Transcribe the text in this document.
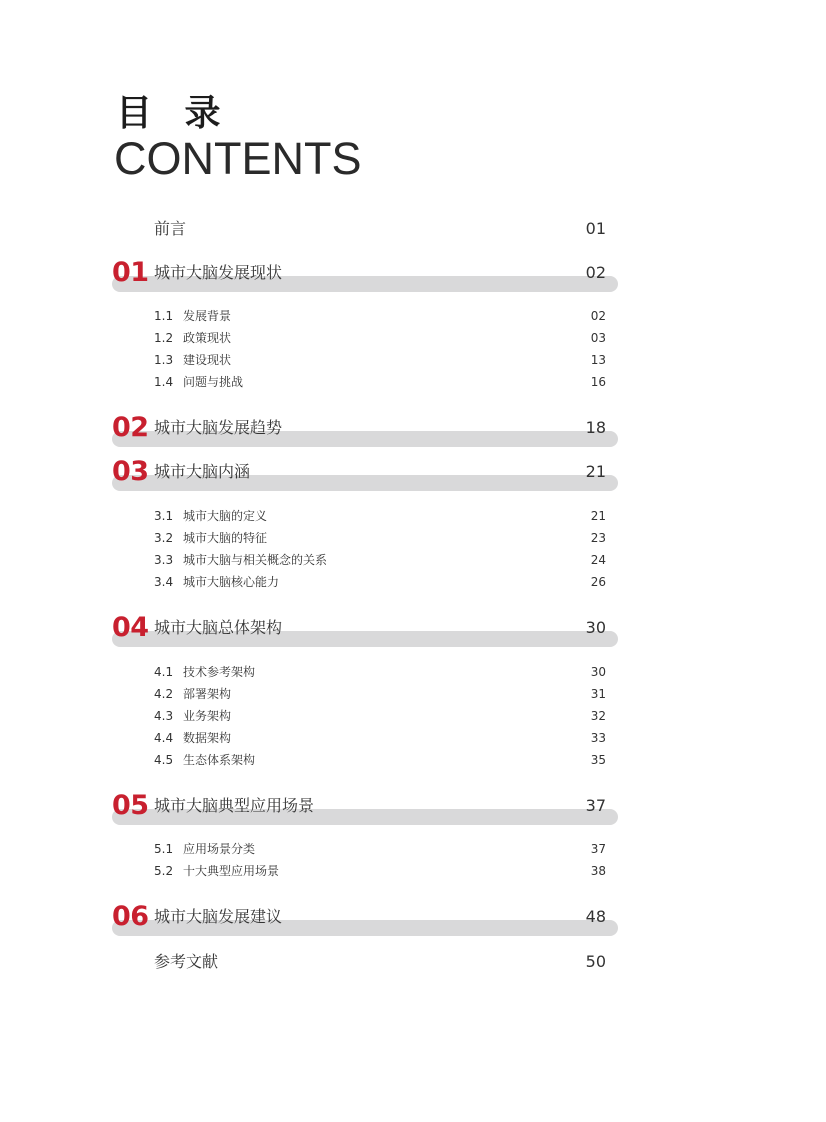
目 录
CONTENTS
前言	01
01 城市大脑发展现状	02
1.1 发展背景	02
1.2 政策现状	03
1.3 建设现状	13
1.4 问题与挑战	16
02 城市大脑发展趋势	18
03 城市大脑内涵	21
3.1 城市大脑的定义	21
3.2 城市大脑的特征	23
3.3 城市大脑与相关概念的关系	24
3.4 城市大脑核心能力	26
04 城市大脑总体架构	30
4.1 技术参考架构	30
4.2 部署架构	31
4.3 业务架构	32
4.4 数据架构	33
4.5 生态体系架构	35
05 城市大脑典型应用场景	37
5.1 应用场景分类	37
5.2 十大典型应用场景	38
06 城市大脑发展建议	48
参考文献	50
